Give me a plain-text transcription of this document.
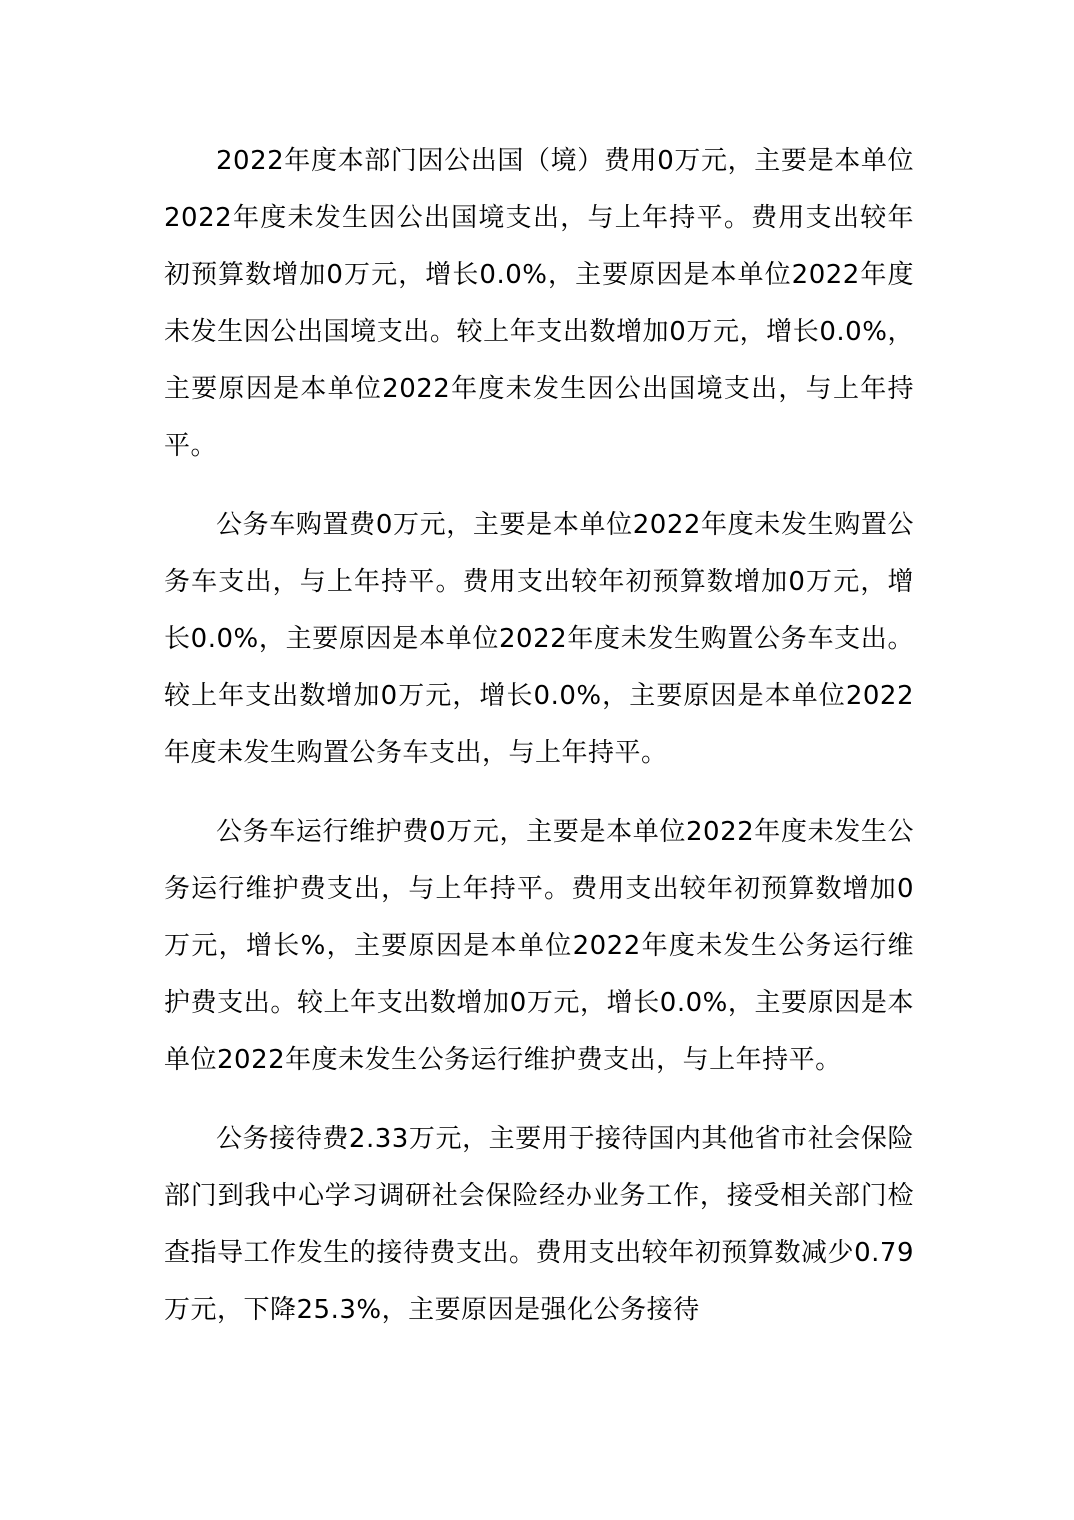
2022年度本部门因公出国（境）费用0万元，主要是本单位2022年度未发生因公出国境支出，与上年持平。费用支出较年初预算数增加0万元，增长0.0%，主要原因是本单位2022年度未发生因公出国境支出。较上年支出数增加0万元，增长0.0%，主要原因是本单位2022年度未发生因公出国境支出，与上年持平。

公务车购置费0万元，主要是本单位2022年度未发生购置公务车支出，与上年持平。费用支出较年初预算数增加0万元，增长0.0%，主要原因是本单位2022年度未发生购置公务车支出。较上年支出数增加0万元，增长0.0%，主要原因是本单位2022年度未发生购置公务车支出，与上年持平。

公务车运行维护费0万元，主要是本单位2022年度未发生公务运行维护费支出，与上年持平。费用支出较年初预算数增加0万元，增长%，主要原因是本单位2022年度未发生公务运行维护费支出。较上年支出数增加0万元，增长0.0%，主要原因是本单位2022年度未发生公务运行维护费支出，与上年持平。

公务接待费2.33万元，主要用于接待国内其他省市社会保险部门到我中心学习调研社会保险经办业务工作，接受相关部门检查指导工作发生的接待费支出。费用支出较年初预算数减少0.79万元，下降25.3%，主要原因是强化公务接待
